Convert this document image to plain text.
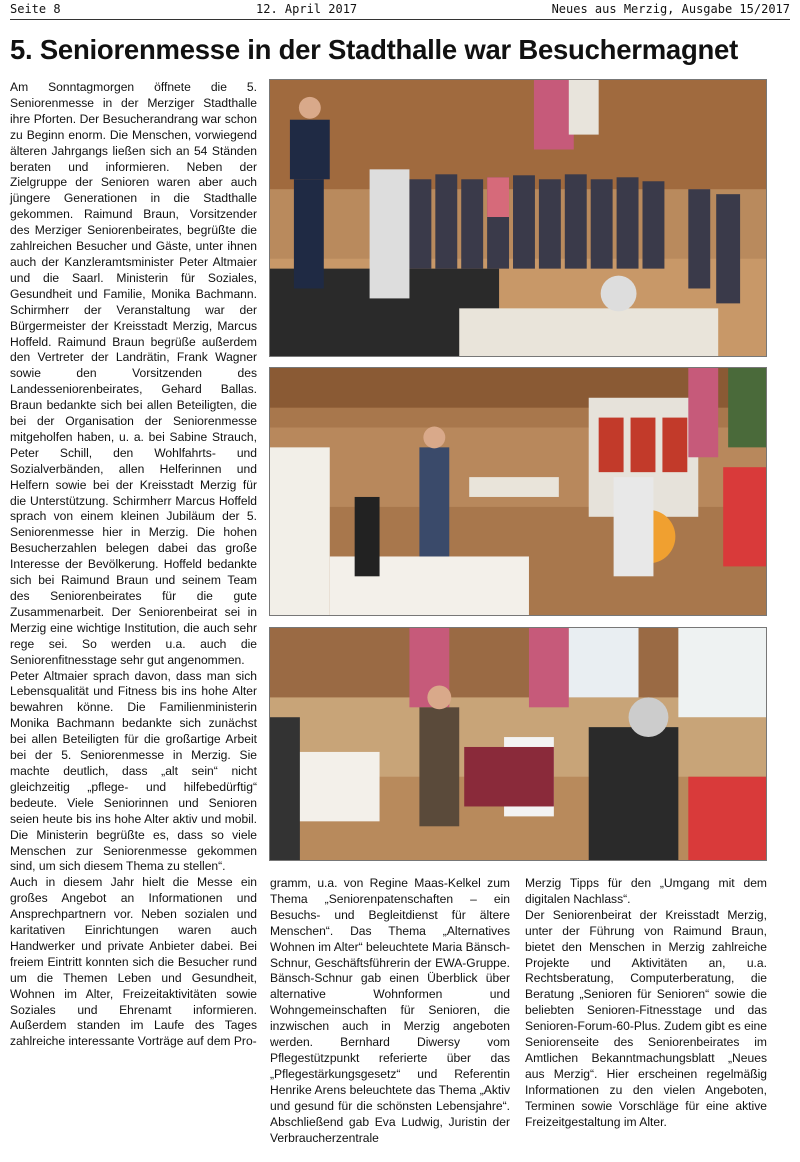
Seite 8	12. April 2017	Neues aus Merzig, Ausgabe 15/2017
5. Seniorenmesse in der Stadthalle war Besuchermagnet

Am Sonntagmorgen öffnete die 5. Seniorenmesse in der Merziger Stadthalle ihre Pforten. Der Besucherandrang war schon zu Beginn enorm. Die Menschen, vorwiegend älteren Jahrgangs ließen sich an 54 Ständen beraten und informieren. Neben der Zielgruppe der Senioren waren aber auch jüngere Generationen in die Stadthalle gekommen. Raimund Braun, Vorsitzender des Merziger Seniorenbeirates, begrüßte die zahlreichen Besucher und Gäste, unter ihnen auch der Kanzleramtsminister Peter Altmaier und die Saarl. Ministerin für Soziales, Gesundheit und Familie, Monika Bachmann. Schirmherr der Veranstaltung war der Bürgermeister der Kreisstadt Merzig, Marcus Hoffeld. Raimund Braun begrüße außerdem den Vertreter der Landrätin, Frank Wagner sowie den Vorsitzenden des Landesseniorenbeirates, Gehard Ballas. Braun bedankte sich bei allen Beteiligten, die bei der Organisation der Seniorenmesse mitgeholfen haben, u. a. bei Sabine Strauch, Peter Schill, den Wohlfahrts- und Sozialverbänden, allen Helferinnen und Helfern sowie bei der Kreisstadt Merzig für die Unterstützung. Schirmherr Marcus Hoffeld sprach von einem kleinen Jubiläum der 5. Seniorenmesse hier in Merzig. Die hohen Besucherzahlen belegen dabei das große Interesse der Bevölkerung. Hoffeld bedankte sich bei Raimund Braun und seinem Team des Seniorenbeirates für die gute Zusammenarbeit. Der Seniorenbeirat sei in Merzig eine wichtige Institution, die auch sehr rege sei. So werden u.a. auch die Seniorenfitnesstage sehr gut angenommen.

Peter Altmaier sprach davon, dass man sich Lebensqualität und Fitness bis ins hohe Alter bewahren könne. Die Familienministerin Monika Bachmann bedankte sich zunächst bei allen Beteiligten für die großartige Arbeit bei der 5. Seniorenmesse in Merzig. Sie machte deutlich, dass „alt sein“ nicht gleichzeitig „pflege- und hilfebedürftig“ bedeute. Viele Seniorinnen und Senioren seien heute bis ins hohe Alter aktiv und mobil. Die Ministerin begrüßte es, dass so viele Menschen zur Seniorenmesse gekommen sind, um sich diesem Thema zu stellen“.

Auch in diesem Jahr hielt die Messe ein großes Angebot an Informationen und Ansprechpartnern vor. Neben sozialen und karitativen Einrichtungen waren auch Handwerker und private Anbieter dabei. Bei freiem Eintritt konnten sich die Besucher rund um die Themen Leben und Gesundheit, Wohnen im Alter, Freizeitaktivitäten sowie Soziales und Ehrenamt informieren. Außerdem standen im Laufe des Tages zahlreiche interessante Vorträge auf dem Pro-

gramm, u.a. von Regine Maas-Kelkel zum Thema „Seniorenpatenschaften – ein Besuchs- und Begleitdienst für ältere Menschen“. Das Thema „Alternatives Wohnen im Alter“ beleuchtete Maria Bänsch-Schnur, Geschäftsführerin der EWA-Gruppe. Bänsch-Schnur gab einen Überblick über alternative Wohnformen und Wohngemeinschaften für Senioren, die inzwischen auch in Merzig angeboten werden. Bernhard Diwersy vom Pflegestützpunkt referierte über das „Pflegestärkungsgesetz“ und Referentin Henrike Arens beleuchtete das Thema „Aktiv und gesund für die schönsten Lebensjahre“. Abschließend gab Eva Ludwig, Juristin der Verbraucherzentrale

Merzig Tipps für den „Umgang mit dem digitalen Nachlass“.

Der Seniorenbeirat der Kreisstadt Merzig, unter der Führung von Raimund Braun, bietet den Menschen in Merzig zahlreiche Projekte und Aktivitäten an, u.a. Rechtsberatung, Computerberatung, die Beratung „Senioren für Senioren“ sowie die beliebten Senioren-Fitnesstage und das Senioren-Forum-60-Plus. Zudem gibt es eine Seniorenseite des Seniorenbeirates im Amtlichen Bekanntmachungsblatt „Neues aus Merzig“. Hier erscheinen regelmäßig Informationen zu den vielen Angeboten, Terminen sowie Vorschläge für eine aktive Freizeitgestaltung im Alter.
